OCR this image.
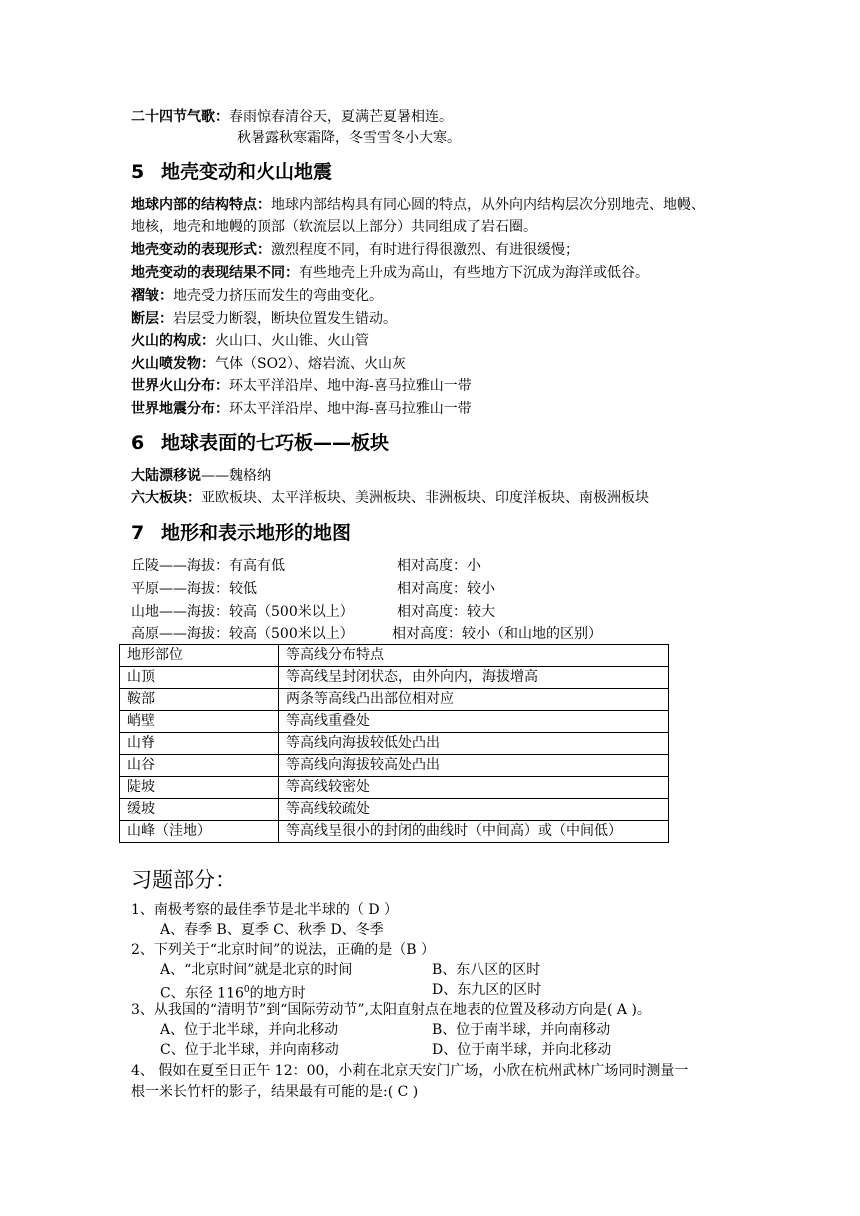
二十四节气歌：春雨惊春清谷天，夏满芒夏暑相连。
秋暑露秋寒霜降，冬雪雪冬小大寒。
5 地壳变动和火山地震
地球内部的结构特点：地球内部结构具有同心圆的特点，从外向内结构层次分别地壳、地幔、
地核，地壳和地幔的顶部（软流层以上部分）共同组成了岩石圈。
地壳变动的表现形式：激烈程度不同，有时进行得很激烈、有进很缓慢；
地壳变动的表现结果不同：有些地壳上升成为高山，有些地方下沉成为海洋或低谷。
褶皱：地壳受力挤压而发生的弯曲变化。
断层：岩层受力断裂，断块位置发生错动。
火山的构成：火山口、火山锥、火山管
火山喷发物：气体（SO2）、熔岩流、火山灰
世界火山分布：环太平洋沿岸、地中海-喜马拉雅山一带
世界地震分布：环太平洋沿岸、地中海-喜马拉雅山一带
6 地球表面的七巧板——板块
大陆漂移说——魏格纳
六大板块：亚欧板块、太平洋板块、美洲板块、非洲板块、印度洋板块、南极洲板块
7 地形和表示地形的地图
丘陵——海拔：有高有低	相对高度：小
平原——海拔：较低	相对高度：较小
山地——海拔：较高（500米以上）	相对高度：较大
高原——海拔：较高（500米以上）	相对高度：较小（和山地的区别）
地形部位	等高线分布特点
山顶	等高线呈封闭状态，由外向内，海拔增高
鞍部	两条等高线凸出部位相对应
峭壁	等高线重叠处
山脊	等高线向海拔较低处凸出
山谷	等高线向海拔较高处凸出
陡坡	等高线较密处
缓坡	等高线较疏处
山峰（洼地）	等高线呈很小的封闭的曲线时（中间高）或（中间低）
习题部分：
1、南极考察的最佳季节是北半球的（ D ）
A、春季 B、夏季 C、秋季 D、冬季
2、下列关于“北京时间”的说法，正确的是（B ）
A、“北京时间”就是北京的时间	B、东八区的区时
C、东径 $116^0$的地方时	D、东九区的区时
3、从我国的“清明节”到“国际劳动节”,太阳直射点在地表的位置及移动方向是( A )。
A、位于北半球，并向北移动	B、位于南半球，并向南移动
C、位于北半球，并向南移动	D、位于南半球，并向北移动
4、 假如在夏至日正午 12：00，小莉在北京天安门广场，小欣在杭州武林广场同时测量一
根一米长竹杆的影子，结果最有可能的是:( C )
